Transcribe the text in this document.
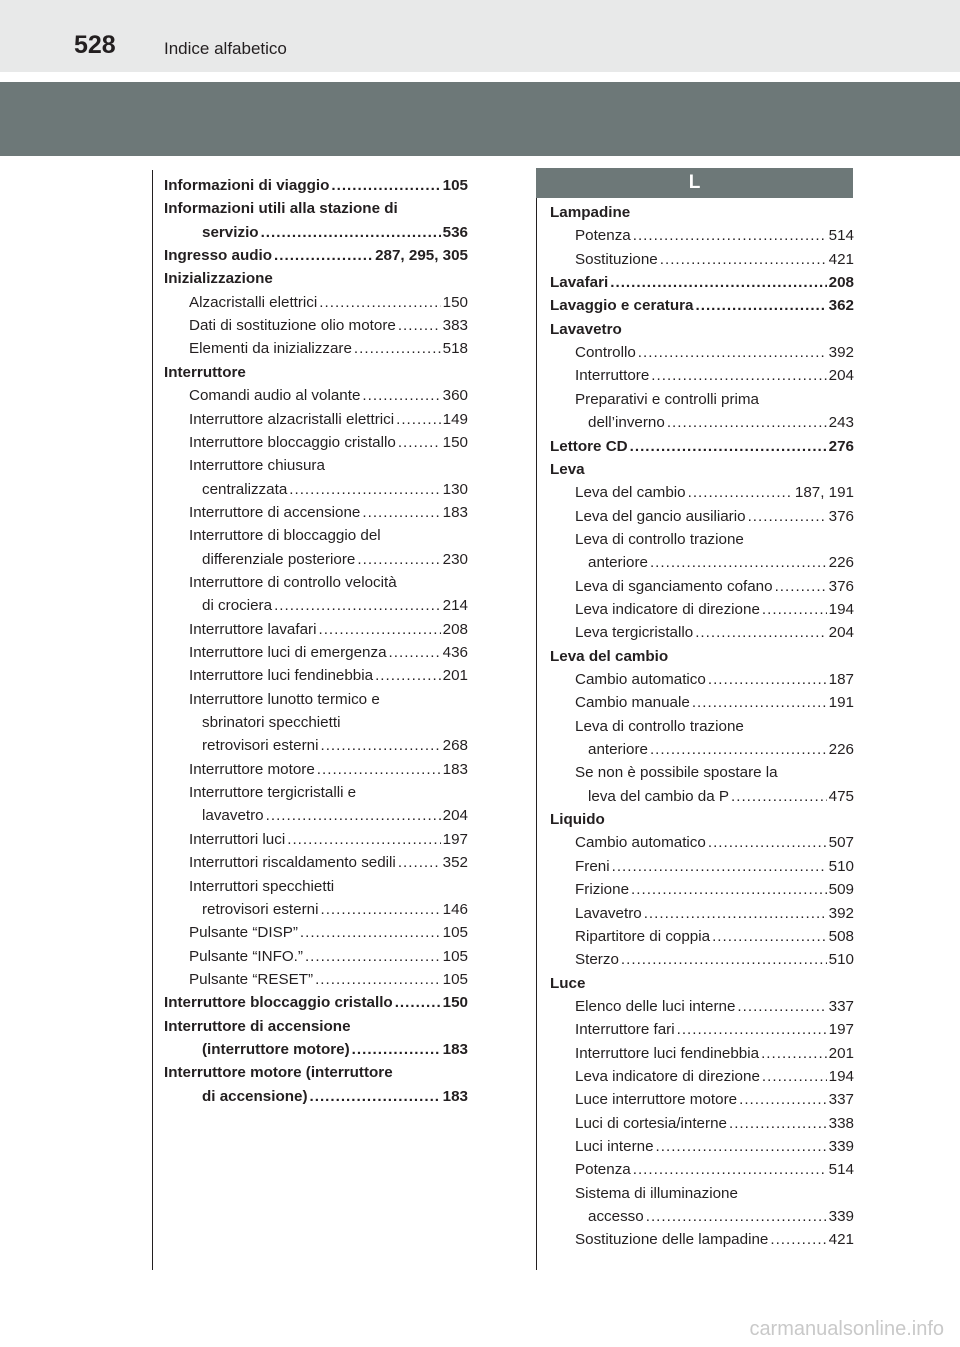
528	Indice alfabetico
L
Informazioni di viaggio .....	105
Informazioni utili alla stazione di
servizio .....	536
Ingresso audio .....	287, 295, 305
Inizializzazione
Alzacristalli elettrici .....	150
Dati di sostituzione olio motore .....	383
Elementi da inizializzare .....	518
Interruttore
Comandi audio al volante .....	360
Interruttore alzacristalli elettrici .....	149
Interruttore bloccaggio cristallo .....	150
Interruttore chiusura
centralizzata .....	130
Interruttore di accensione .....	183
Interruttore di bloccaggio del
differenziale posteriore .....	230
Interruttore di controllo velocità
di crociera .....	214
Interruttore lavafari .....	208
Interruttore luci di emergenza .....	436
Interruttore luci fendinebbia .....	201
Interruttore lunotto termico e
sbrinatori specchietti
retrovisori esterni .....	268
Interruttore motore .....	183
Interruttore tergicristalli e
lavavetro .....	204
Interruttori luci .....	197
Interruttori riscaldamento sedili .....	352
Interruttori specchietti
retrovisori esterni .....	146
Pulsante “DISP” .....	105
Pulsante “INFO.” .....	105
Pulsante “RESET” .....	105
Interruttore bloccaggio cristallo .....	150
Interruttore di accensione
(interruttore motore) .....	183
Interruttore motore (interruttore
di accensione) .....	183
Lampadine
Potenza .....	514
Sostituzione .....	421
Lavafari .....	208
Lavaggio e ceratura .....	362
Lavavetro
Controllo .....	392
Interruttore .....	204
Preparativi e controlli prima
dell’inverno .....	243
Lettore CD .....	276
Leva
Leva del cambio .....	187, 191
Leva del gancio ausiliario .....	376
Leva di controllo trazione
anteriore .....	226
Leva di sganciamento cofano .....	376
Leva indicatore di direzione .....	194
Leva tergicristallo .....	204
Leva del cambio
Cambio automatico .....	187
Cambio manuale .....	191
Leva di controllo trazione
anteriore .....	226
Se non è possibile spostare la
leva del cambio da P .....	475
Liquido
Cambio automatico .....	507
Freni .....	510
Frizione .....	509
Lavavetro .....	392
Ripartitore di coppia .....	508
Sterzo .....	510
Luce
Elenco delle luci interne .....	337
Interruttore fari .....	197
Interruttore luci fendinebbia .....	201
Leva indicatore di direzione .....	194
Luce interruttore motore .....	337
Luci di cortesia/interne .....	338
Luci interne .....	339
Potenza .....	514
Sistema di illuminazione
accesso .....	339
Sostituzione delle lampadine .....	421
carmanualsonline.info
